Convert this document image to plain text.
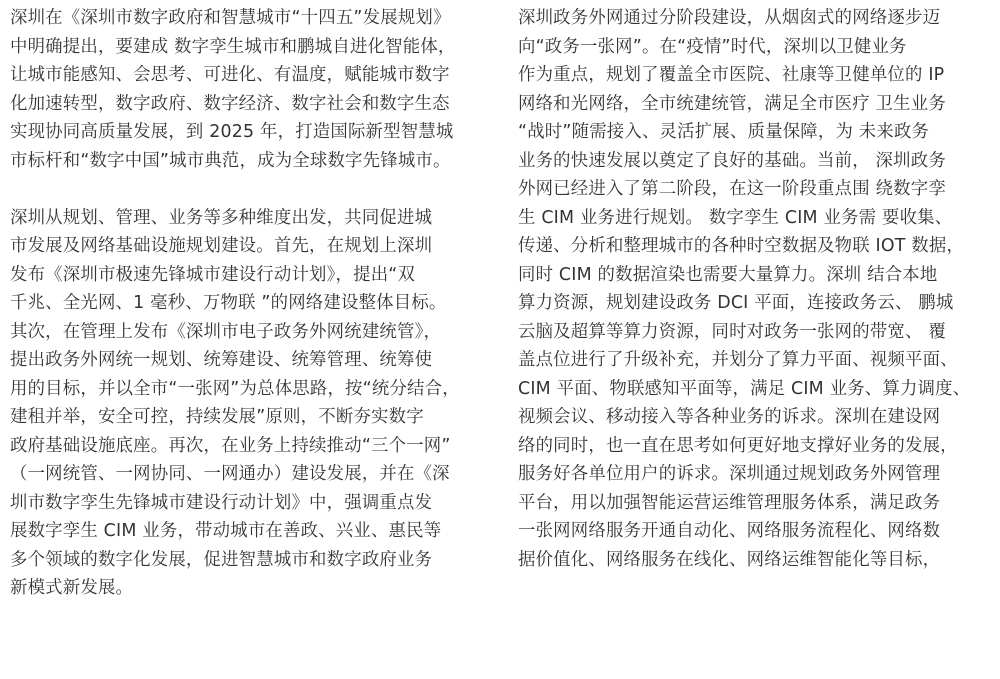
深圳在《深圳市数字政府和智慧城市“十四五”发展规划》
中明确提出，要建成 数字孪生城市和鹏城自进化智能体，
让城市能感知、会思考、可进化、有温度，赋能城市数字
化加速转型，数字政府、数字经济、数字社会和数字生态
实现协同高质量发展，到 2025 年，打造国际新型智慧城
市标杆和“数字中国”城市典范，成为全球数字先锋城市。
深圳从规划、管理、业务等多种维度出发，共同促进城
市发展及网络基础设施规划建设。首先，在规划上深圳
发布《深圳市极速先锋城市建设行动计划》，提出“双
千兆、全光网、1 毫秒、万物联 ”的网络建设整体目标。
其次，在管理上发布《深圳市电子政务外网统建统管》，
提出政务外网统一规划、统筹建设、统筹管理、统筹使
用的目标，并以全市“一张网”为总体思路，按“统分结合，
建租并举，安全可控，持续发展”原则，不断夯实数字
政府基础设施底座。再次，在业务上持续推动“三个一网”
（一网统管、一网协同、一网通办）建设发展，并在《深
圳市数字孪生先锋城市建设行动计划》中，强调重点发
展数字孪生 CIM 业务，带动城市在善政、兴业、惠民等
多个领域的数字化发展，促进智慧城市和数字政府业务
新模式新发展。
深圳政务外网通过分阶段建设，从烟囱式的网络逐步迈
向“政务一张网”。在“疫情”时代，深圳以卫健业务
作为重点，规划了覆盖全市医院、社康等卫健单位的 IP
网络和光网络，全市统建统管，满足全市医疗 卫生业务
“战时”随需接入、灵活扩展、质量保障，为 未来政务
业务的快速发展以奠定了良好的基础。当前， 深圳政务
外网已经进入了第二阶段，在这一阶段重点围 绕数字孪
生 CIM 业务进行规划。 数字孪生 CIM 业务需 要收集、
传递、分析和整理城市的各种时空数据及物联 IOT 数据，
同时 CIM 的数据渲染也需要大量算力。深圳 结合本地
算力资源，规划建设政务 DCI 平面，连接政务云、 鹏城
云脑及超算等算力资源，同时对政务一张网的带宽、 覆
盖点位进行了升级补充，并划分了算力平面、视频平面、
CIM 平面、物联感知平面等，满足 CIM 业务、算力调度、
视频会议、移动接入等各种业务的诉求。深圳在建设网
络的同时，也一直在思考如何更好地支撑好业务的发展，
服务好各单位用户的诉求。深圳通过规划政务外网管理
平台，用以加强智能运营运维管理服务体系，满足政务
一张网网络服务开通自动化、网络服务流程化、网络数
据价值化、网络服务在线化、网络运维智能化等目标，
